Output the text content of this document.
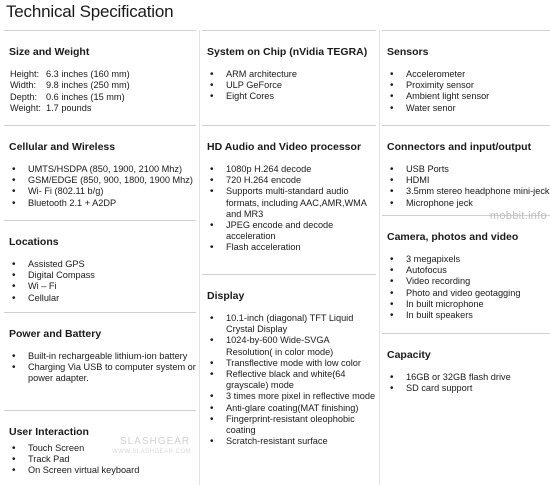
Technical Specification
Size and Weight
Height: 6.3 inches (160 mm)
Width: 9.8 inches (250 mm)
Depth: 0.6 inches (15 mm)
Weight: 1.7 pounds
Cellular and Wireless
• UMTS/HSDPA (850, 1900, 2100 Mhz)
• GSM/EDGE (850, 900, 1800, 1900 Mhz)
• Wi- Fi (802.11 b/g)
• Bluetooth 2.1 + A2DP
Locations
• Assisted GPS
• Digital Compass
• Wi – Fi
• Cellular
Power and Battery
• Built-in rechargeable lithium-ion battery
• Charging Via USB to computer system or power adapter.
User Interaction
• Touch Screen
• Track Pad
• On Screen virtual keyboard
System on Chip (nVidia TEGRA)
• ARM architecture
• ULP GeForce
• Eight Cores
HD Audio and Video processor
• 1080p H.264 decode
• 720 H.264 encode
• Supports multi-standard audio formats, including AAC,AMR,WMA and MR3
• JPEG encode and decode acceleration
• Flash acceleration
Display
• 10.1-inch (diagonal) TFT Liquid Crystal Display
• 1024-by-600 Wide-SVGA Resolution( in color mode)
• Transflective mode with low color
• Reflective black and white(64 grayscale) mode
• 3 times more pixel in reflective mode
• Anti-glare coating(MAT finishing)
• Fingerprint-resistant oleophobic coating
• Scratch-resistant surface
Sensors
• Accelerometer
• Proximity sensor
• Ambient light sensor
• Water senor
Connectors and input/output
• USB Ports
• HDMI
• 3.5mm stereo headphone mini-jeck
• Microphone jeck
Camera, photos and video
• 3 megapixels
• Autofocus
• Video recording
• Photo and video geotagging
• In built microphone
• In built speakers
Capacity
• 16GB or 32GB flash drive
• SD card support
mobbit.info
SLASHGEAR
WWW.SLASHGEAR.COM
